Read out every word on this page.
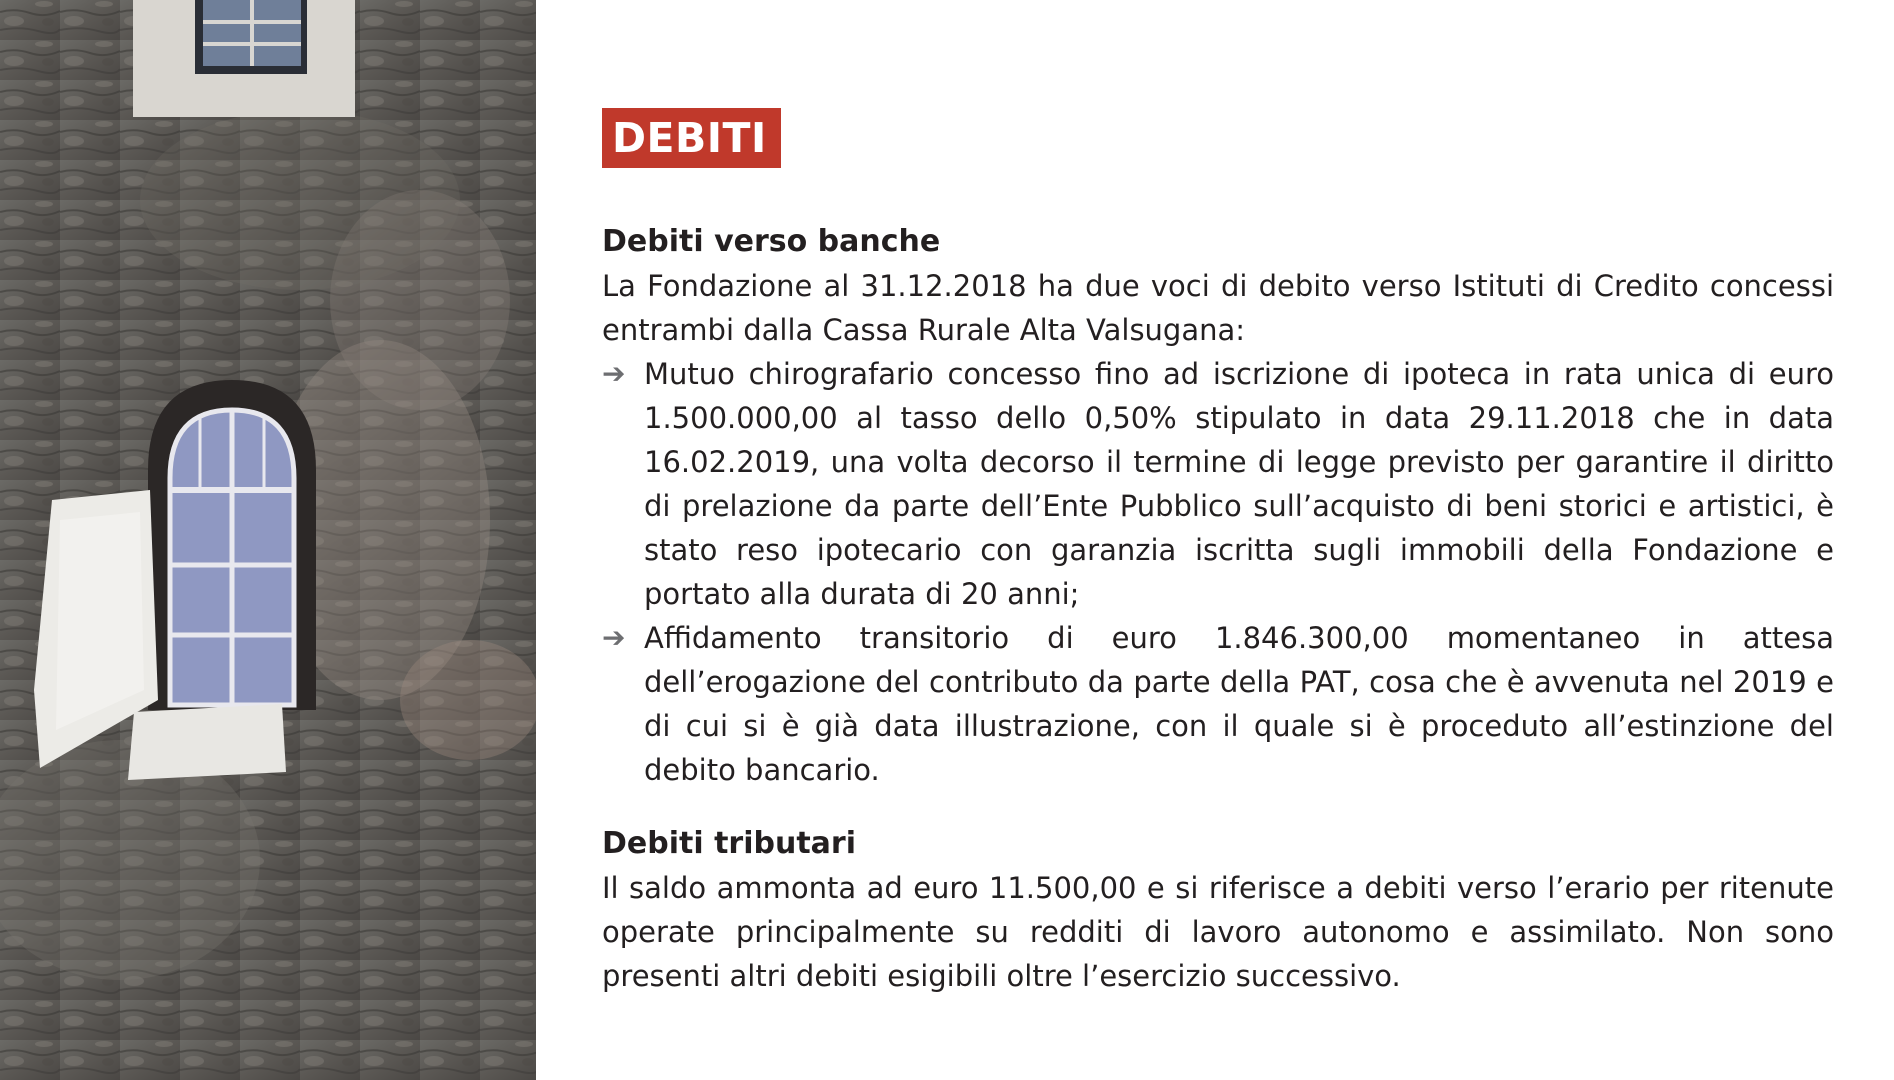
DEBITI
Debiti verso banche

La Fondazione al 31.12.2018 ha due voci di debito verso Istituti di Credito concessi entrambi dalla Cassa Rurale Alta Valsugana:

➔ Mutuo chirografario concesso fino ad iscrizione di ipoteca in rata unica di euro 1.500.000,00 al tasso dello 0,50% stipulato in data 29.11.2018 che in data 16.02.2019, una volta decorso il termine di legge previsto per garantire il diritto di prelazione da parte dell’Ente Pubblico sull’acquisto di beni storici e artistici, è stato reso ipotecario con garanzia iscritta sugli immobili della Fondazione e portato alla durata di 20 anni;
➔ Affidamento transitorio di euro 1.846.300,00 momentaneo in attesa dell’erogazione del contributo da parte della PAT, cosa che è avvenuta nel 2019 e di cui si è già data illustrazione, con il quale si è proceduto all’estinzione del debito bancario.
Debiti tributari

Il saldo ammonta ad euro 11.500,00 e si riferisce a debiti verso l’erario per ritenute operate principalmente su redditi di lavoro autonomo e assimilato. Non sono presenti altri debiti esigibili oltre l’esercizio successivo.
